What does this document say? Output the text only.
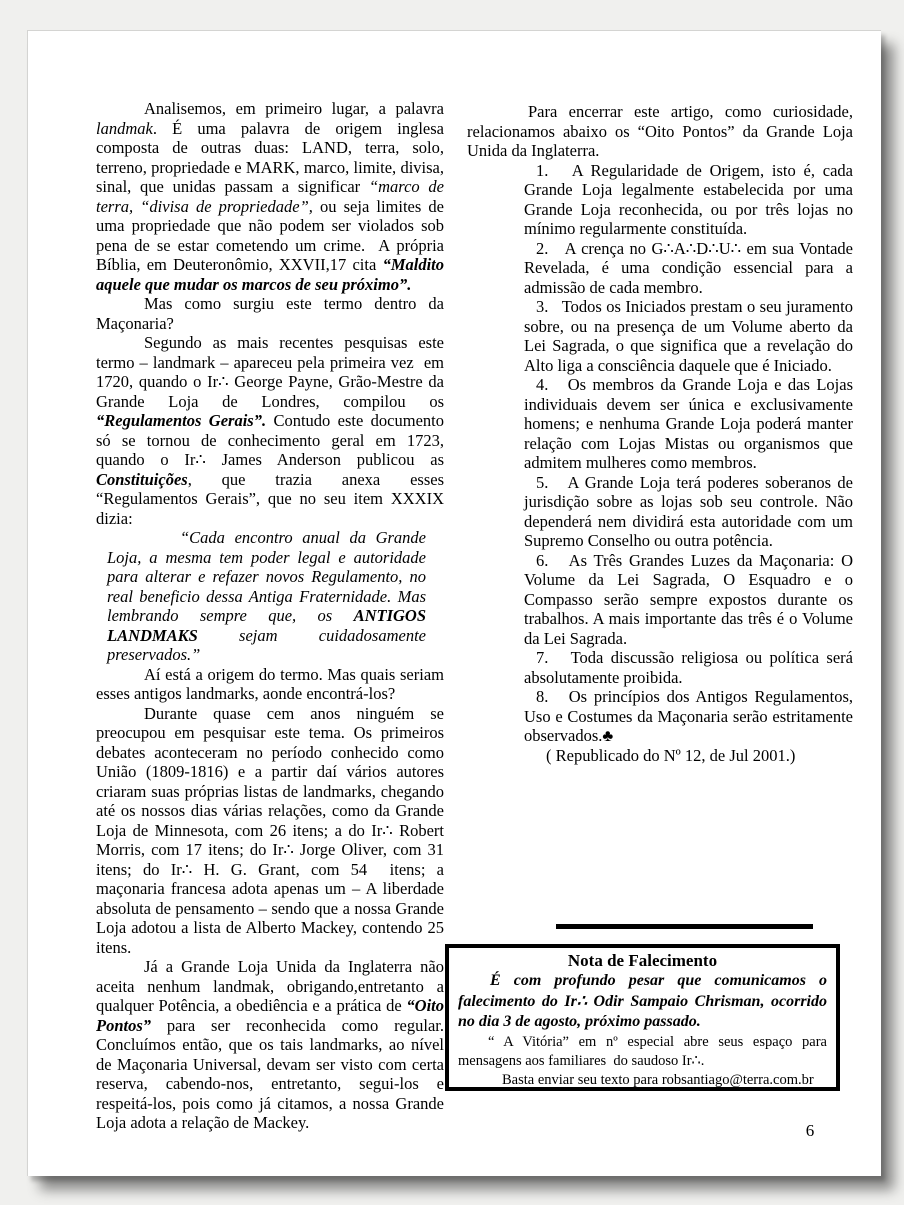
Analisemos, em primeiro lugar, a palavra landmak. É uma palavra de origem inglesa composta de outras duas: LAND, terra, solo, terreno, propriedade e MARK, marco, limite, divisa, sinal, que unidas passam a significar “marco de terra, “divisa de propriedade”, ou seja limites de uma propriedade que não podem ser violados sob pena de se estar cometendo um crime.  A própria Bíblia, em Deuteronômio, XXVII,17 cita “Maldito aquele que mudar os marcos de seu próximo”.

Mas como surgiu este termo dentro da Maçonaria?

Segundo as mais recentes pesquisas este termo – landmark – apareceu pela primeira vez  em 1720, quando o Ir∴ George Payne, Grão-Mestre da Grande Loja de Londres, compilou os “Regulamentos Gerais”. Contudo este documento só se tornou de conhecimento geral em 1723, quando o Ir∴ James Anderson publicou as Constituições, que trazia anexa esses “Regulamentos Gerais”, que no seu item XXXIX dizia:

“Cada encontro anual da Grande Loja, a mesma tem poder legal e autoridade para alterar e refazer novos Regulamento, no real beneficio dessa Antiga Fraternidade. Mas lembrando sempre que, os ANTIGOS LANDMAKS sejam cuidadosamente preservados.”

Aí está a origem do termo. Mas quais seriam esses antigos landmarks, aonde encontrá-los?

Durante quase cem anos ninguém se preocupou em pesquisar este tema. Os primeiros debates aconteceram no período conhecido como União (1809-1816) e a partir daí vários autores criaram suas próprias listas de landmarks, chegando até os nossos dias várias relações, como da Grande Loja de Minnesota, com 26 itens; a do Ir∴ Robert Morris, com 17 itens; do Ir∴ Jorge Oliver, com 31 itens; do Ir∴ H. G. Grant, com 54  itens; a maçonaria francesa adota apenas um – A liberdade absoluta de pensamento – sendo que a nossa Grande Loja adotou a lista de Alberto Mackey, contendo 25 itens.

Já a Grande Loja Unida da Inglaterra não aceita nenhum landmak, obrigando,entretanto a qualquer Potência, a obediência e a prática de “Oito Pontos” para ser reconhecida como regular. Concluímos então, que os tais landmarks, ao nível de Maçonaria Universal, devam ser visto com certa reserva, cabendo-nos, entretanto, segui-los e respeitá-los, pois como já citamos, a nossa Grande Loja adota a relação de Mackey.

Para encerrar este artigo, como curiosidade, relacionamos abaixo os “Oito Pontos” da Grande Loja Unida da Inglaterra.

1.   A Regularidade de Origem, isto é, cada Grande Loja legalmente estabelecida por uma Grande Loja reconhecida, ou por três lojas no mínimo regularmente constituída.

2.   A crença no G∴A∴D∴U∴ em sua Vontade Revelada, é uma condição essencial para a admissão de cada membro.

3.   Todos os Iniciados prestam o seu juramento sobre, ou na presença de um Volume aberto da Lei Sagrada, o que significa que a revelação do Alto liga a consciência daquele que é Iniciado.

4.   Os membros da Grande Loja e das Lojas individuais devem ser única e exclusivamente homens; e nenhuma Grande Loja poderá manter relação com Lojas Mistas ou organismos que admitem mulheres como membros.

5.   A Grande Loja terá poderes soberanos de jurisdição sobre as lojas sob seu controle. Não dependerá nem dividirá esta autoridade com um Supremo Conselho ou outra potência.

6.   As Três Grandes Luzes da Maçonaria: O Volume da Lei Sagrada, O Esquadro e o Compasso serão sempre expostos durante os trabalhos. A mais importante das três é o Volume da Lei Sagrada.

7.   Toda discussão religiosa ou política será absolutamente proibida.

8.   Os princípios dos Antigos Regulamentos, Uso e Costumes da Maçonaria serão estritamente observados.♣

( Republicado do Nº 12, de Jul 2001.)

Nota de Falecimento

É com profundo pesar que comunicamos o falecimento do Ir∴ Odir Sampaio Chrisman, ocorrido no dia 3 de agosto, próximo passado.

“ A Vitória” em nº especial abre seus espaço para mensagens aos familiares  do saudoso Ir∴.

Basta enviar seu texto para robsantiago@terra.com.br

6
